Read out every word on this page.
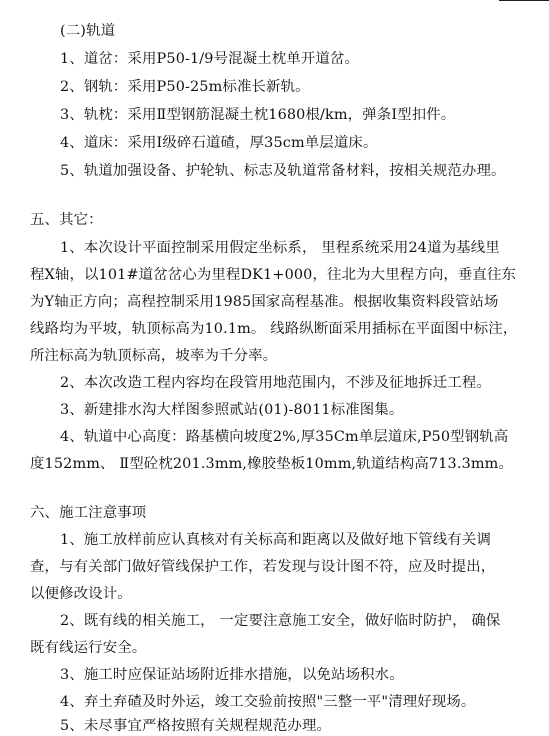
(二)轨道
1、道岔：采用P50-1/9号混凝土枕单开道岔。
2、钢轨：采用P50-25m标准长新轨。
3、轨枕：采用Ⅱ型钢筋混凝土枕1680根/km，弹条Ⅰ型扣件。
4、道床：采用Ⅰ级碎石道碴，厚35cm单层道床。
5、轨道加强设备、护轮轨、标志及轨道常备材料，按相关规范办理。
五、其它：
1、本次设计平面控制采用假定坐标系， 里程系统采用24道为基线里
程X轴，以101#道岔岔心为里程DK1+000，往北为大里程方向，垂直往东
为Y轴正方向；高程控制采用1985国家高程基准。根据收集资料段管站场
线路均为平坡，轨顶标高为10.1m。 线路纵断面采用插标在平面图中标注，
所注标高为轨顶标高，坡率为千分率。
2、本次改造工程内容均在段管用地范围内，不涉及征地拆迁工程。
3、新建排水沟大样图参照贰站(01)-8011标准图集。
4、轨道中心高度：路基横向坡度2%,厚35Cm单层道床,P50型钢轨高
度152mm、 Ⅱ型砼枕201.3mm,橡胶垫板10mm,轨道结构高713.3mm。
六、施工注意事项
1、施工放样前应认真核对有关标高和距离以及做好地下管线有关调
查，与有关部门做好管线保护工作，若发现与设计图不符，应及时提出，
以便修改设计。
2、既有线的相关施工， 一定要注意施工安全，做好临时防护， 确保
既有线运行安全。
3、施工时应保证站场附近排水措施，以免站场积水。
4、弃土弃碴及时外运，竣工交验前按照"三整一平"清理好现场。
5、未尽事宜严格按照有关规程规范办理。
